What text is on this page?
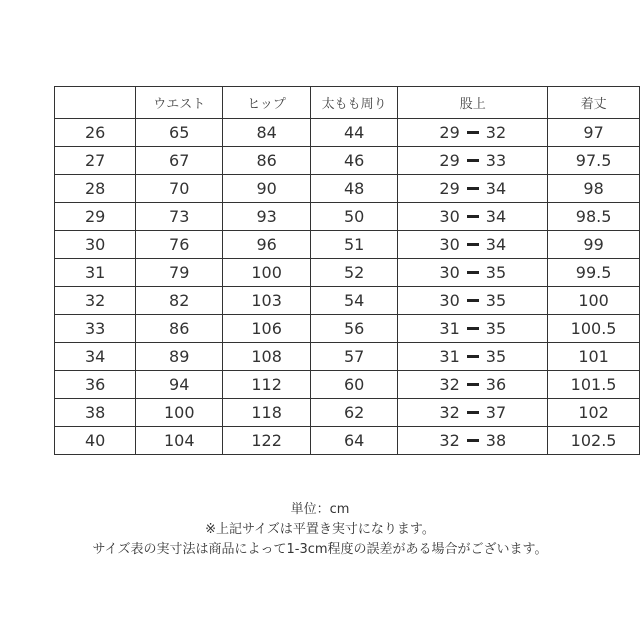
	ウエスト	ヒップ	太もも周り	股上	着丈
26	65	84	44	29 32	97
27	67	86	46	29 33	97.5
28	70	90	48	29 34	98
29	73	93	50	30 34	98.5
30	76	96	51	30 34	99
31	79	100	52	30 35	99.5
32	82	103	54	30 35	100
33	86	106	56	31 35	100.5
34	89	108	57	31 35	101
36	94	112	60	32 36	101.5
38	100	118	62	32 37	102
40	104	122	64	32 38	102.5
単位：cm
※上記サイズは平置き実寸になります。
サイズ表の実寸法は商品によって1-3cm程度の誤差がある場合がございます。
